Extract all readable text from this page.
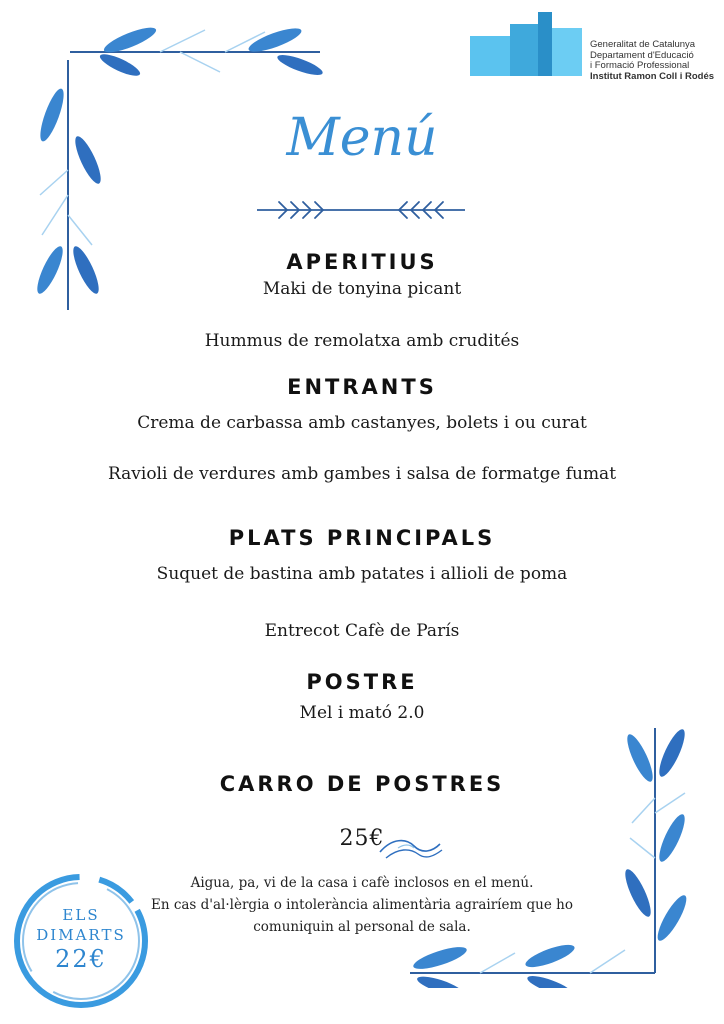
Generalitat de Catalunya
Departament d'Educació
i Formació Professional
Institut Ramon Coll i Rodés
Menú
APERITIUS
Maki de tonyina picant
Hummus de remolatxa amb crudités
ENTRANTS
Crema de carbassa amb castanyes, bolets i ou curat
Ravioli de verdures amb gambes i salsa de formatge fumat
PLATS PRINCIPALS
Suquet de bastina amb patates i allioli de poma
Entrecot Cafè de París
POSTRE
Mel i mató 2.0
CARRO DE POSTRES
25€
Aigua, pa, vi de la casa i cafè inclosos en el menú.
En cas d'al·lèrgia o intolerància alimentària agrairíem que ho
comuniquin al personal de sala.
ELS
DIMARTS
22€
